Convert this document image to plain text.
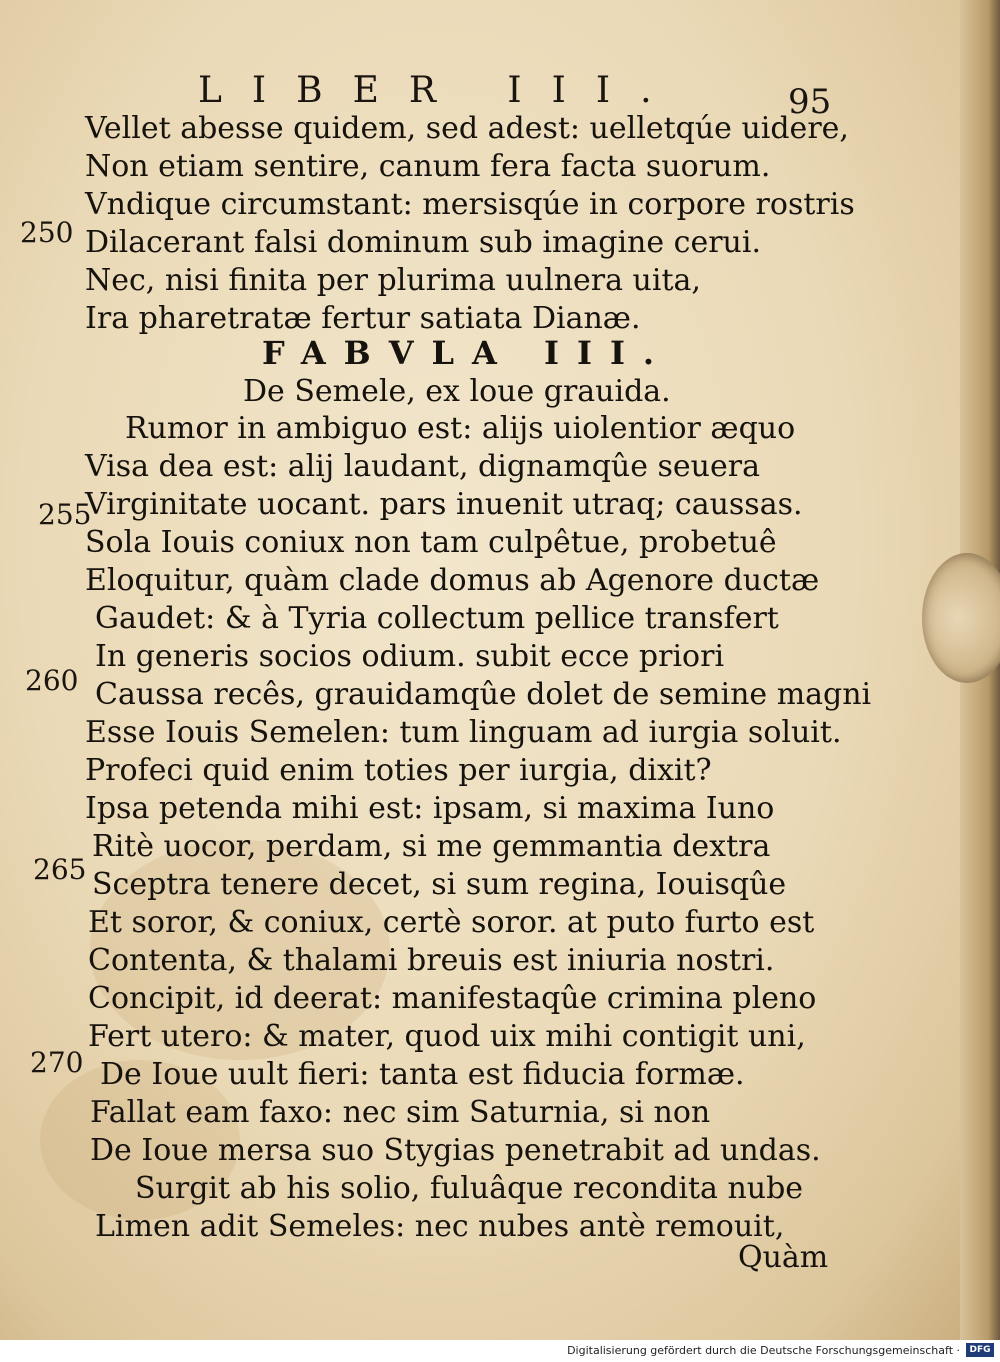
LIBER III.	95
Vellet abesse quidem, sed adest: uelletqúe uidere,
Non etiam sentire, canum fera facta suorum.
Vndique circumstant: mersisqúe in corpore rostris
Dilacerant falsi dominum sub imagine cerui.
Nec, nisi finita per plurima uulnera uita,
Ira pharetratæ fertur satiata Dianæ.
FABVLA III.
De Semele, ex loue grauida.
Rumor in ambiguo est: alijs uiolentior æquo
Visa dea est: alij laudant, dignamqûe seuera
Virginitate uocant. pars inuenit utraq; caussas.
Sola Iouis coniux non tam culpêtue, probetuê
Eloquitur, quàm clade domus ab Agenore ductæ
Gaudet: & à Tyria collectum pellice transfert
In generis socios odium. subit ecce priori
Caussa recês, grauidamqûe dolet de semine magni
Esse Iouis Semelen: tum linguam ad iurgia soluit.
Profeci quid enim toties per iurgia, dixit?
Ipsa petenda mihi est: ipsam, si maxima Iuno
Ritè uocor, perdam, si me gemmantia dextra
Sceptra tenere decet, si sum regina, Iouisqûe
Et soror, & coniux, certè soror. at puto furto est
Contenta, & thalami breuis est iniuria nostri.
Concipit, id deerat: manifestaqûe crimina pleno
Fert utero: & mater, quod uix mihi contigit uni,
De Ioue uult fieri: tanta est fiducia formæ.
Fallat eam faxo: nec sim Saturnia, si non
De Ioue mersa suo Stygias penetrabit ad undas.
Surgit ab his solio, fuluâque recondita nube
Limen adit Semeles: nec nubes antè remouit,
250
255
260
265
270
Quàm
Digitalisierung gefördert durch die Deutsche Forschungsgemeinschaft ·	DFG
